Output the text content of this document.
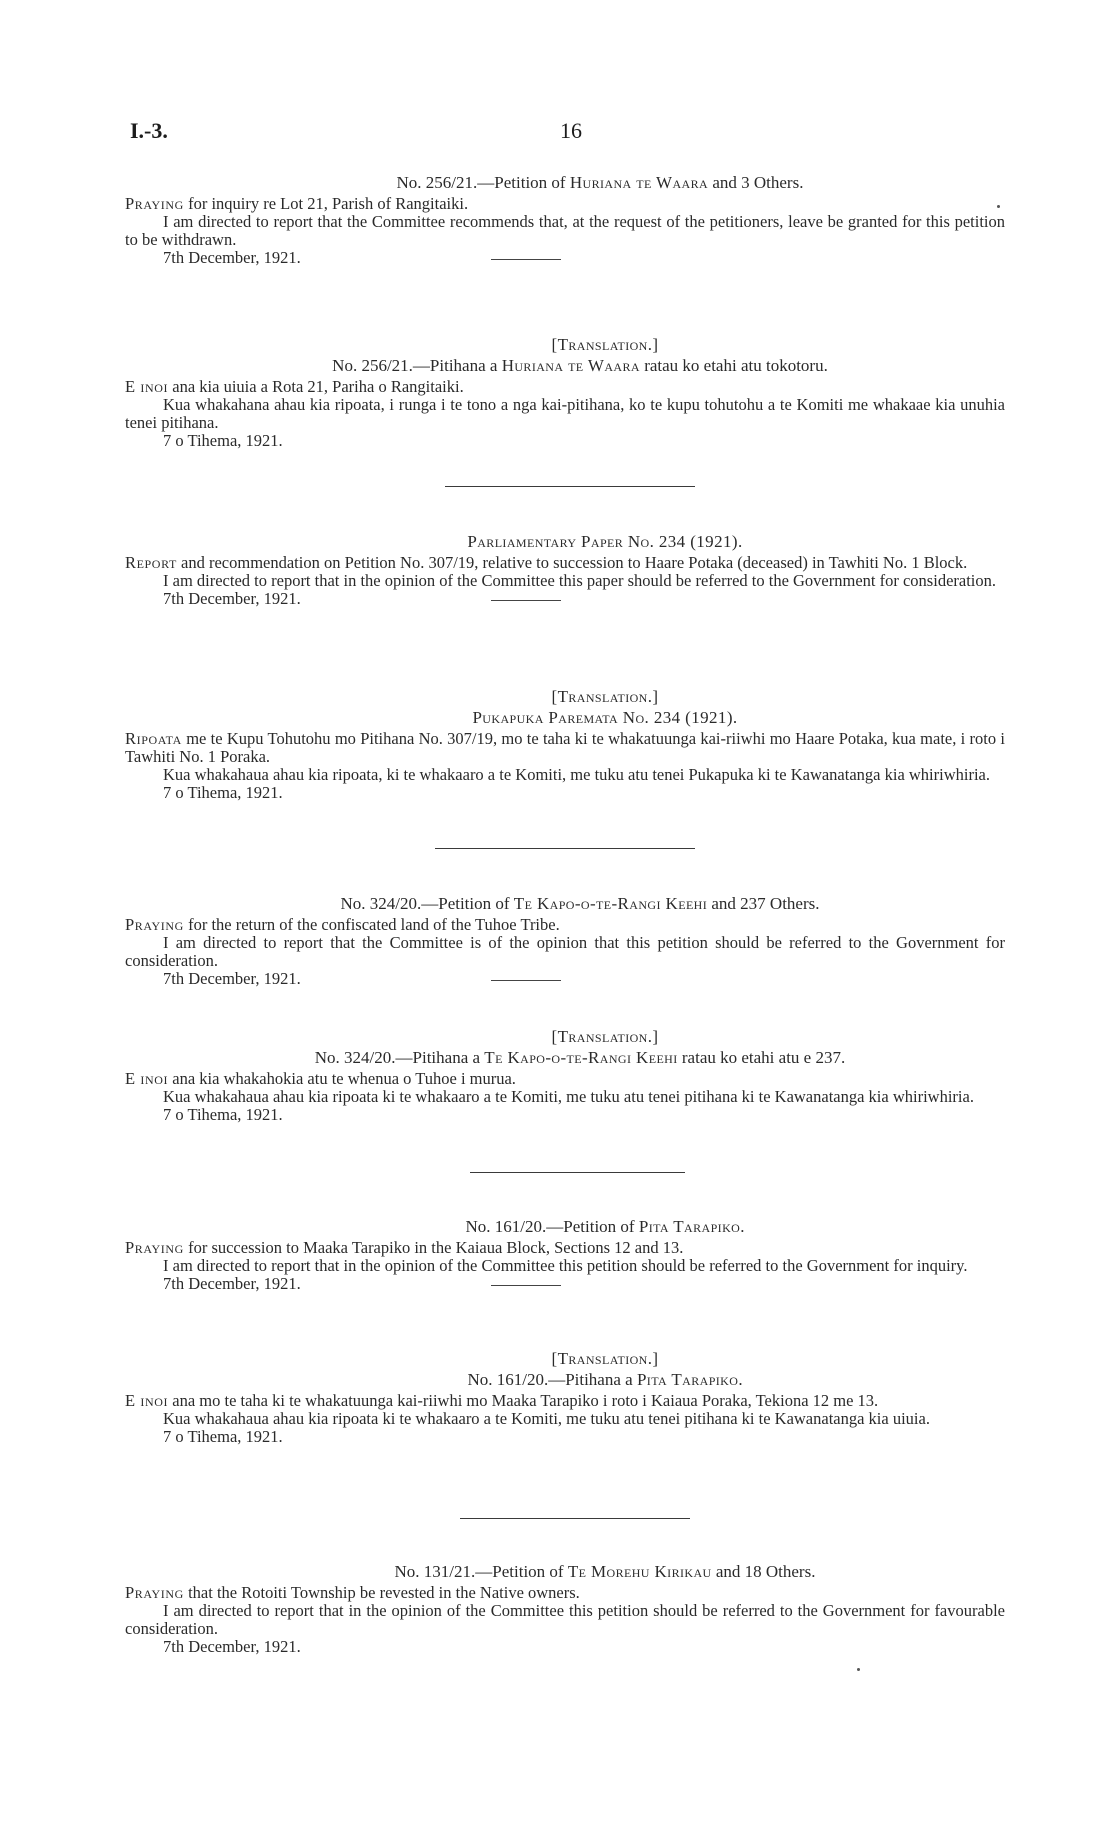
I.-3.	16
No. 256/21.—Petition of Huriana te Waara and 3 Others.

Praying for inquiry re Lot 21, Parish of Rangitaiki.

I am directed to report that the Committee recommends that, at the request of the petitioners, leave be granted for this petition to be withdrawn.

7th December, 1921.

[Translation.]
No. 256/21.—Pitihana a Huriana te Waara ratau ko etahi atu tokotoru.

E inoi ana kia uiuia a Rota 21, Pariha o Rangitaiki.

Kua whakahana ahau kia ripoata, i runga i te tono a nga kai-pitihana, ko te kupu tohutohu a te Komiti me whakaae kia unuhia tenei pitihana.

7 o Tihema, 1921.

Parliamentary Paper No. 234 (1921).

Report and recommendation on Petition No. 307/19, relative to succession to Haare Potaka (deceased) in Tawhiti No. 1 Block.

I am directed to report that in the opinion of the Committee this paper should be referred to the Government for consideration.

7th December, 1921.

[Translation.]
Pukapuka Paremata No. 234 (1921).

Ripoata me te Kupu Tohutohu mo Pitihana No. 307/19, mo te taha ki te whakatuunga kai-riiwhi mo Haare Potaka, kua mate, i roto i Tawhiti No. 1 Poraka.

Kua whakahaua ahau kia ripoata, ki te whakaaro a te Komiti, me tuku atu tenei Pukapuka ki te Kawanatanga kia whiriwhiria.

7 o Tihema, 1921.

No. 324/20.—Petition of Te Kapo-o-te-Rangi Keehi and 237 Others.

Praying for the return of the confiscated land of the Tuhoe Tribe.

I am directed to report that the Committee is of the opinion that this petition should be referred to the Government for consideration.

7th December, 1921.

[Translation.]
No. 324/20.—Pitihana a Te Kapo-o-te-Rangi Keehi ratau ko etahi atu e 237.

E inoi ana kia whakahokia atu te whenua o Tuhoe i murua.

Kua whakahaua ahau kia ripoata ki te whakaaro a te Komiti, me tuku atu tenei pitihana ki te Kawanatanga kia whiriwhiria.

7 o Tihema, 1921.

No. 161/20.—Petition of Pita Tarapiko.

Praying for succession to Maaka Tarapiko in the Kaiaua Block, Sections 12 and 13.

I am directed to report that in the opinion of the Committee this petition should be referred to the Government for inquiry.

7th December, 1921.

[Translation.]
No. 161/20.—Pitihana a Pita Tarapiko.

E inoi ana mo te taha ki te whakatuunga kai-riiwhi mo Maaka Tarapiko i roto i Kaiaua Poraka, Tekiona 12 me 13.

Kua whakahaua ahau kia ripoata ki te whakaaro a te Komiti, me tuku atu tenei pitihana ki te Kawanatanga kia uiuia.

7 o Tihema, 1921.

No. 131/21.—Petition of Te Morehu Kirikau and 18 Others.

Praying that the Rotoiti Township be revested in the Native owners.

I am directed to report that in the opinion of the Committee this petition should be referred to the Government for favourable consideration.

7th December, 1921.
